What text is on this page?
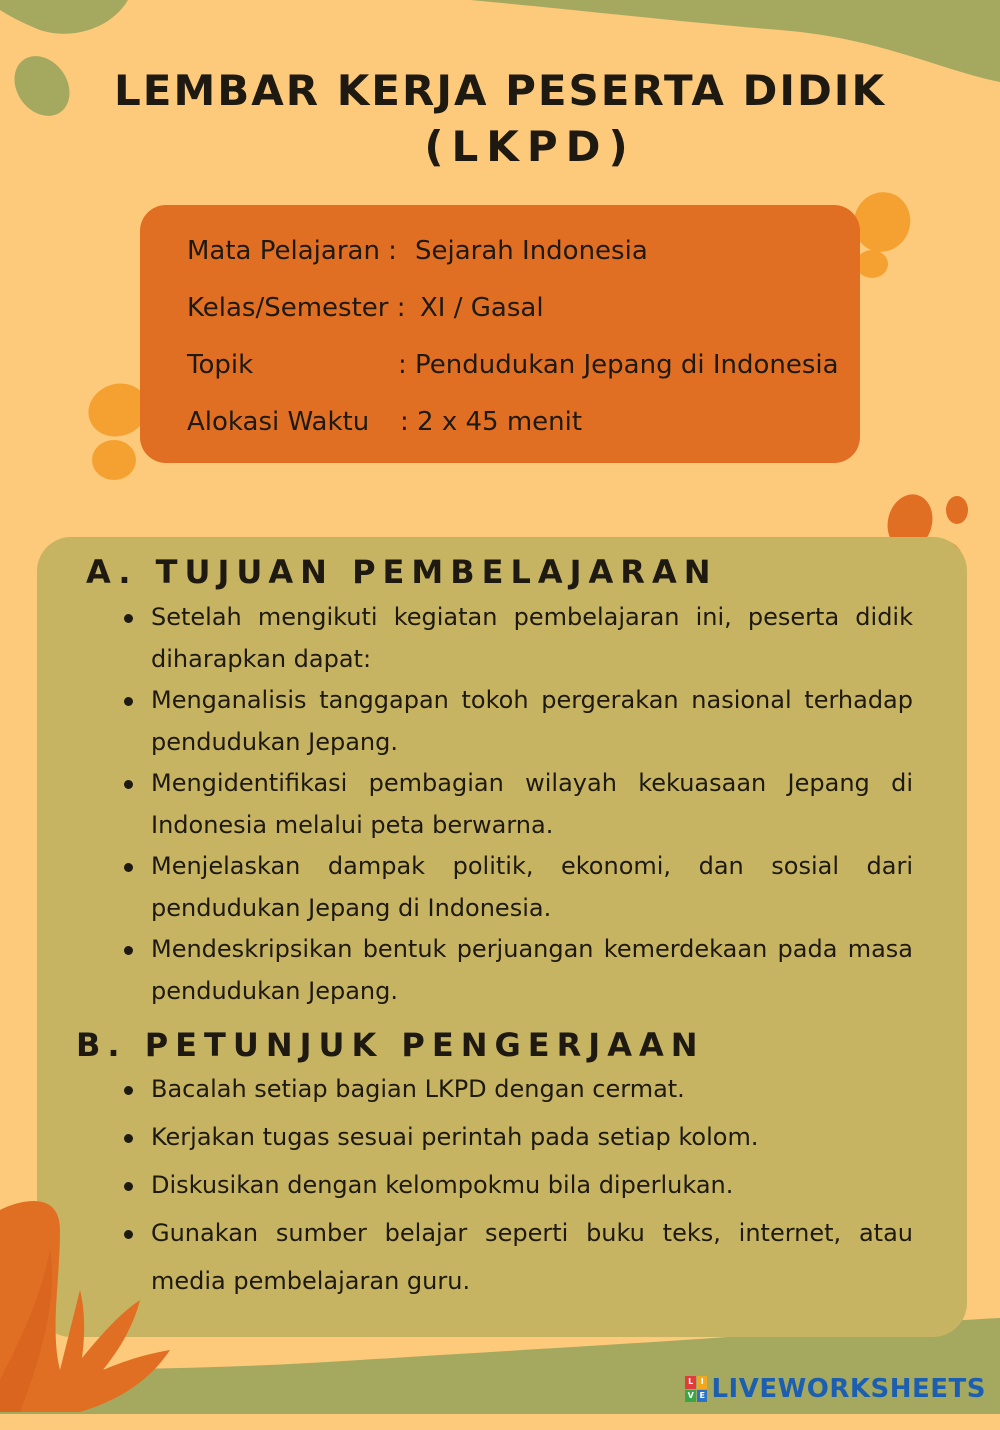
LEMBAR KERJA PESERTA DIDIK
(LKPD)
Mata Pelajaran : Sejarah Indonesia
Kelas/Semester : XI / Gasal
Topik	: Pendudukan Jepang di Indonesia
Alokasi Waktu : 2 x 45 menit
A. TUJUAN PEMBELAJARAN
Setelah mengikuti kegiatan pembelajaran ini, peserta didik
diharapkan dapat:
Menganalisis tanggapan tokoh pergerakan nasional terhadap
pendudukan Jepang.
Mengidentifikasi pembagian wilayah kekuasaan Jepang di
Indonesia melalui peta berwarna.
Menjelaskan dampak politik, ekonomi, dan sosial dari
pendudukan Jepang di Indonesia.
Mendeskripsikan bentuk perjuangan kemerdekaan pada masa
pendudukan Jepang.
B. PETUNJUK PENGERJAAN
Bacalah setiap bagian LKPD dengan cermat.
Kerjakan tugas sesuai perintah pada setiap kolom.
Diskusikan dengan kelompokmu bila diperlukan.
Gunakan sumber belajar seperti buku teks, internet, atau
media pembelajaran guru.
L I
V E LIVEWORKSHEETS
